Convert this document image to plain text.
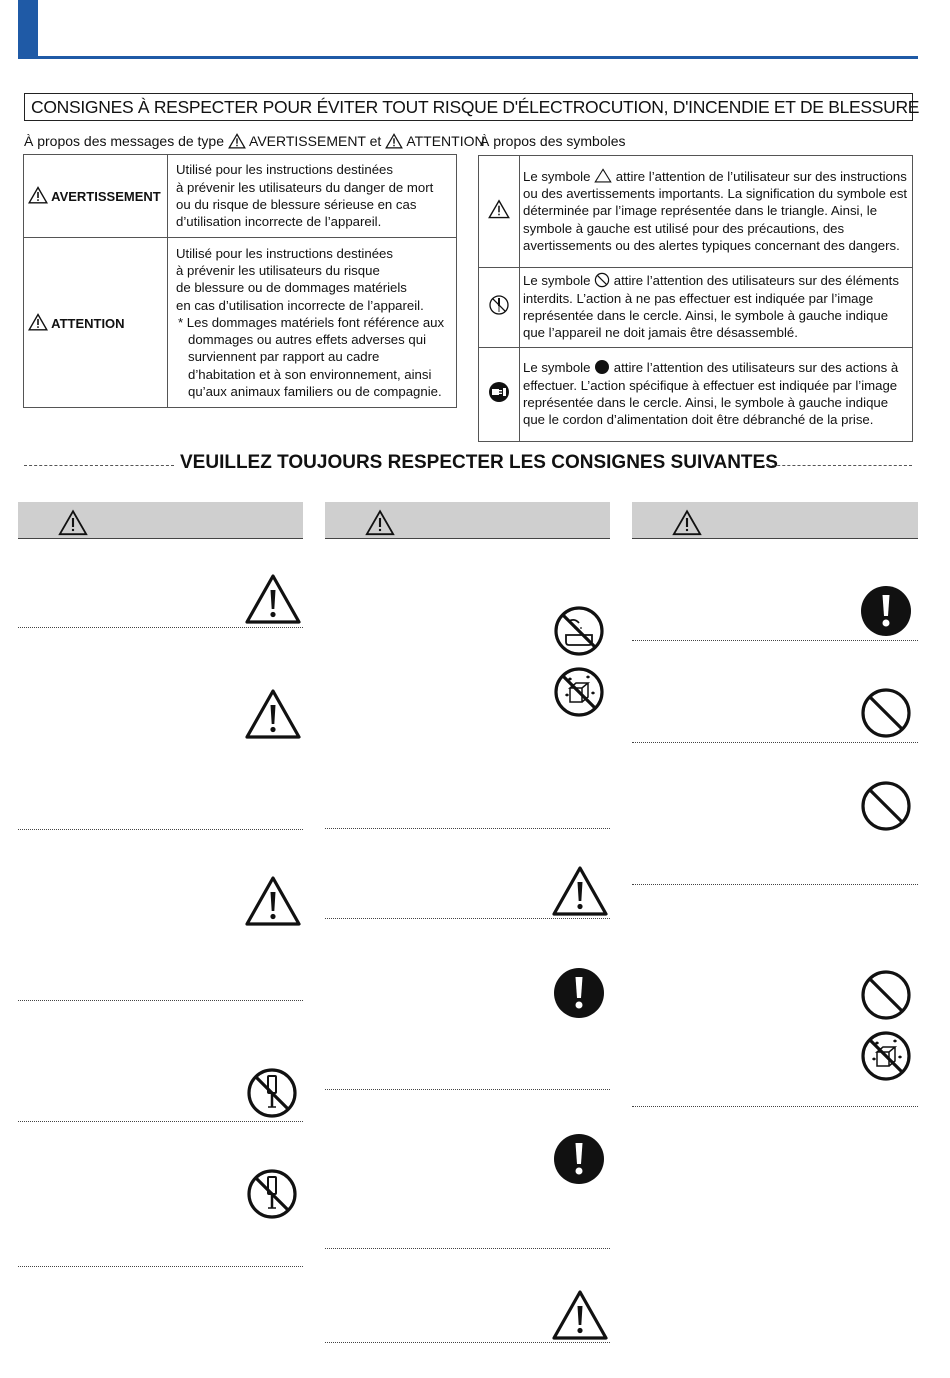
CONSIGNES À RESPECTER POUR ÉVITER TOUT RISQUE D'ÉLECTROCUTION, D'INCENDIE ET DE BLESSURE
À propos des messages de type AVERTISSEMENT et ATTENTION
AVERTISSEMENT	Utilisé pour les instructions destinées
à prévenir les utilisateurs du danger de mort
ou du risque de blessure sérieuse en cas
d’utilisation incorrecte de l’appareil.

ATTENTION	Utilisé pour les instructions destinées
à prévenir les utilisateurs du risque
de blessure ou de dommages matériels
en cas d’utilisation incorrecte de l’appareil.
* Les dommages matériels font référence aux dommages ou autres effets adverses qui surviennent par rapport au cadre d’habitation et à son environnement, ainsi qu’aux animaux familiers ou de compagnie.
À propos des symboles
	Le symbole attire l’attention de l’utilisateur sur des instructions ou des avertissements importants. La signification du symbole est déterminée par l’image représentée dans le triangle. Ainsi, le symbole à gauche est utilisé pour des précautions, des avertissements ou des alertes typiques concernant des dangers.
	Le symbole attire l’attention des utilisateurs sur des éléments interdits. L’action à ne pas effectuer est indiquée par l’image représentée dans le cercle. Ainsi, le symbole à gauche indique que l’appareil ne doit jamais être désassemblé.
	Le symbole attire l’attention des utilisateurs sur des actions à effectuer. L’action spécifique à effectuer est indiquée par l’image représentée dans le cercle. Ainsi, le symbole à gauche indique que le cordon d’alimentation doit être débranché de la prise.
VEUILLEZ TOUJOURS RESPECTER LES CONSIGNES SUIVANTES
